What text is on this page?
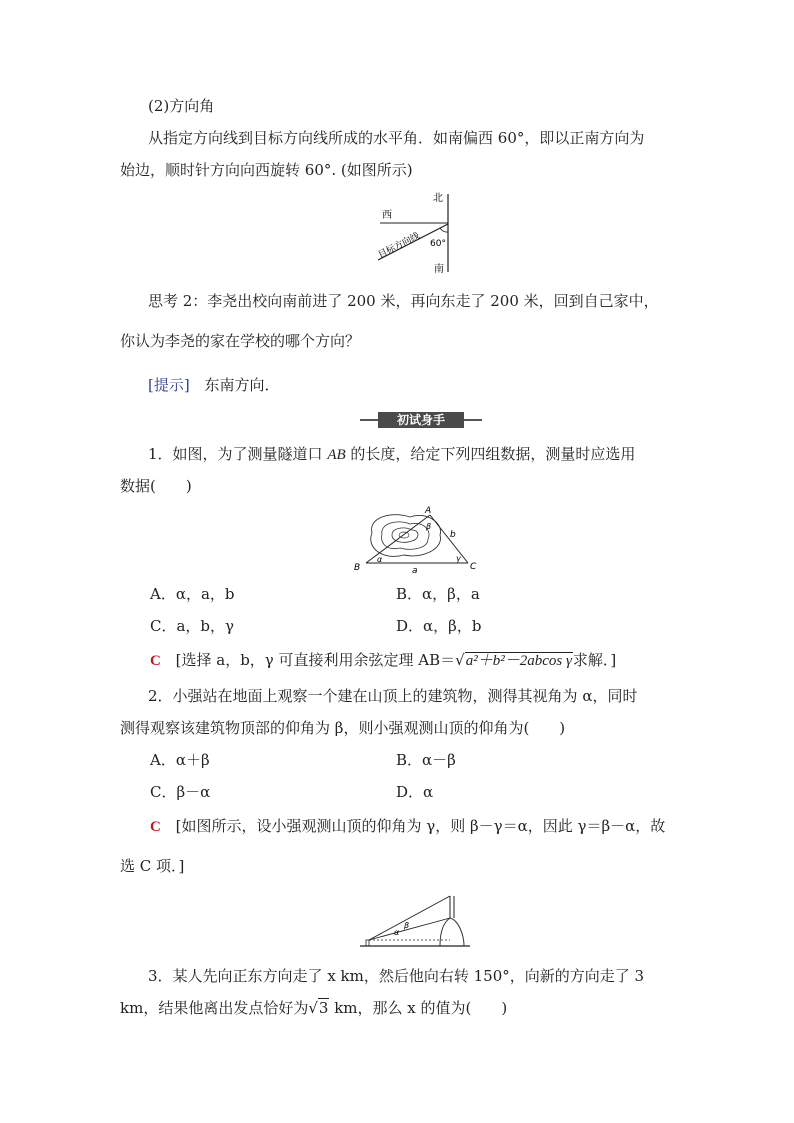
(2)方向角
从指定方向线到目标方向线所成的水平角．如南偏西 60°，即以正南方向为
始边，顺时针方向向西旋转 60°. (如图所示)
北
西
南
60°
目标方向线
思考 2：李尧出校向南前进了 200 米，再向东走了 200 米，回到自己家中，
你认为李尧的家在学校的哪个方向？
[提示] 东南方向．
初试身手
1．如图，为了测量隧道口 AB 的长度，给定下列四组数据，测量时应选用
数据(　　)
A
B	C
a
b
α
β
γ
A．α，a，b	B．α，β，a
C．a，b，γ	D．α，β，b
C [选择 a，b，γ 可直接利用余弦定理 AB＝√a²＋b²－2abcos γ求解．]
2．小强站在地面上观察一个建在山顶上的建筑物，测得其视角为 α，同时
测得观察该建筑物顶部的仰角为 β，则小强观测山顶的仰角为(　　)
A．α＋β	B．α－β
C．β－α	D．α
C [如图所示，设小强观测山顶的仰角为 γ，则 β－γ＝α，因此 γ＝β－α，故
选 C 项．]
α
β
3．某人先向正东方向走了 x km，然后他向右转 150°，向新的方向走了 3
km，结果他离出发点恰好为√3 km，那么 x 的值为(　　)
